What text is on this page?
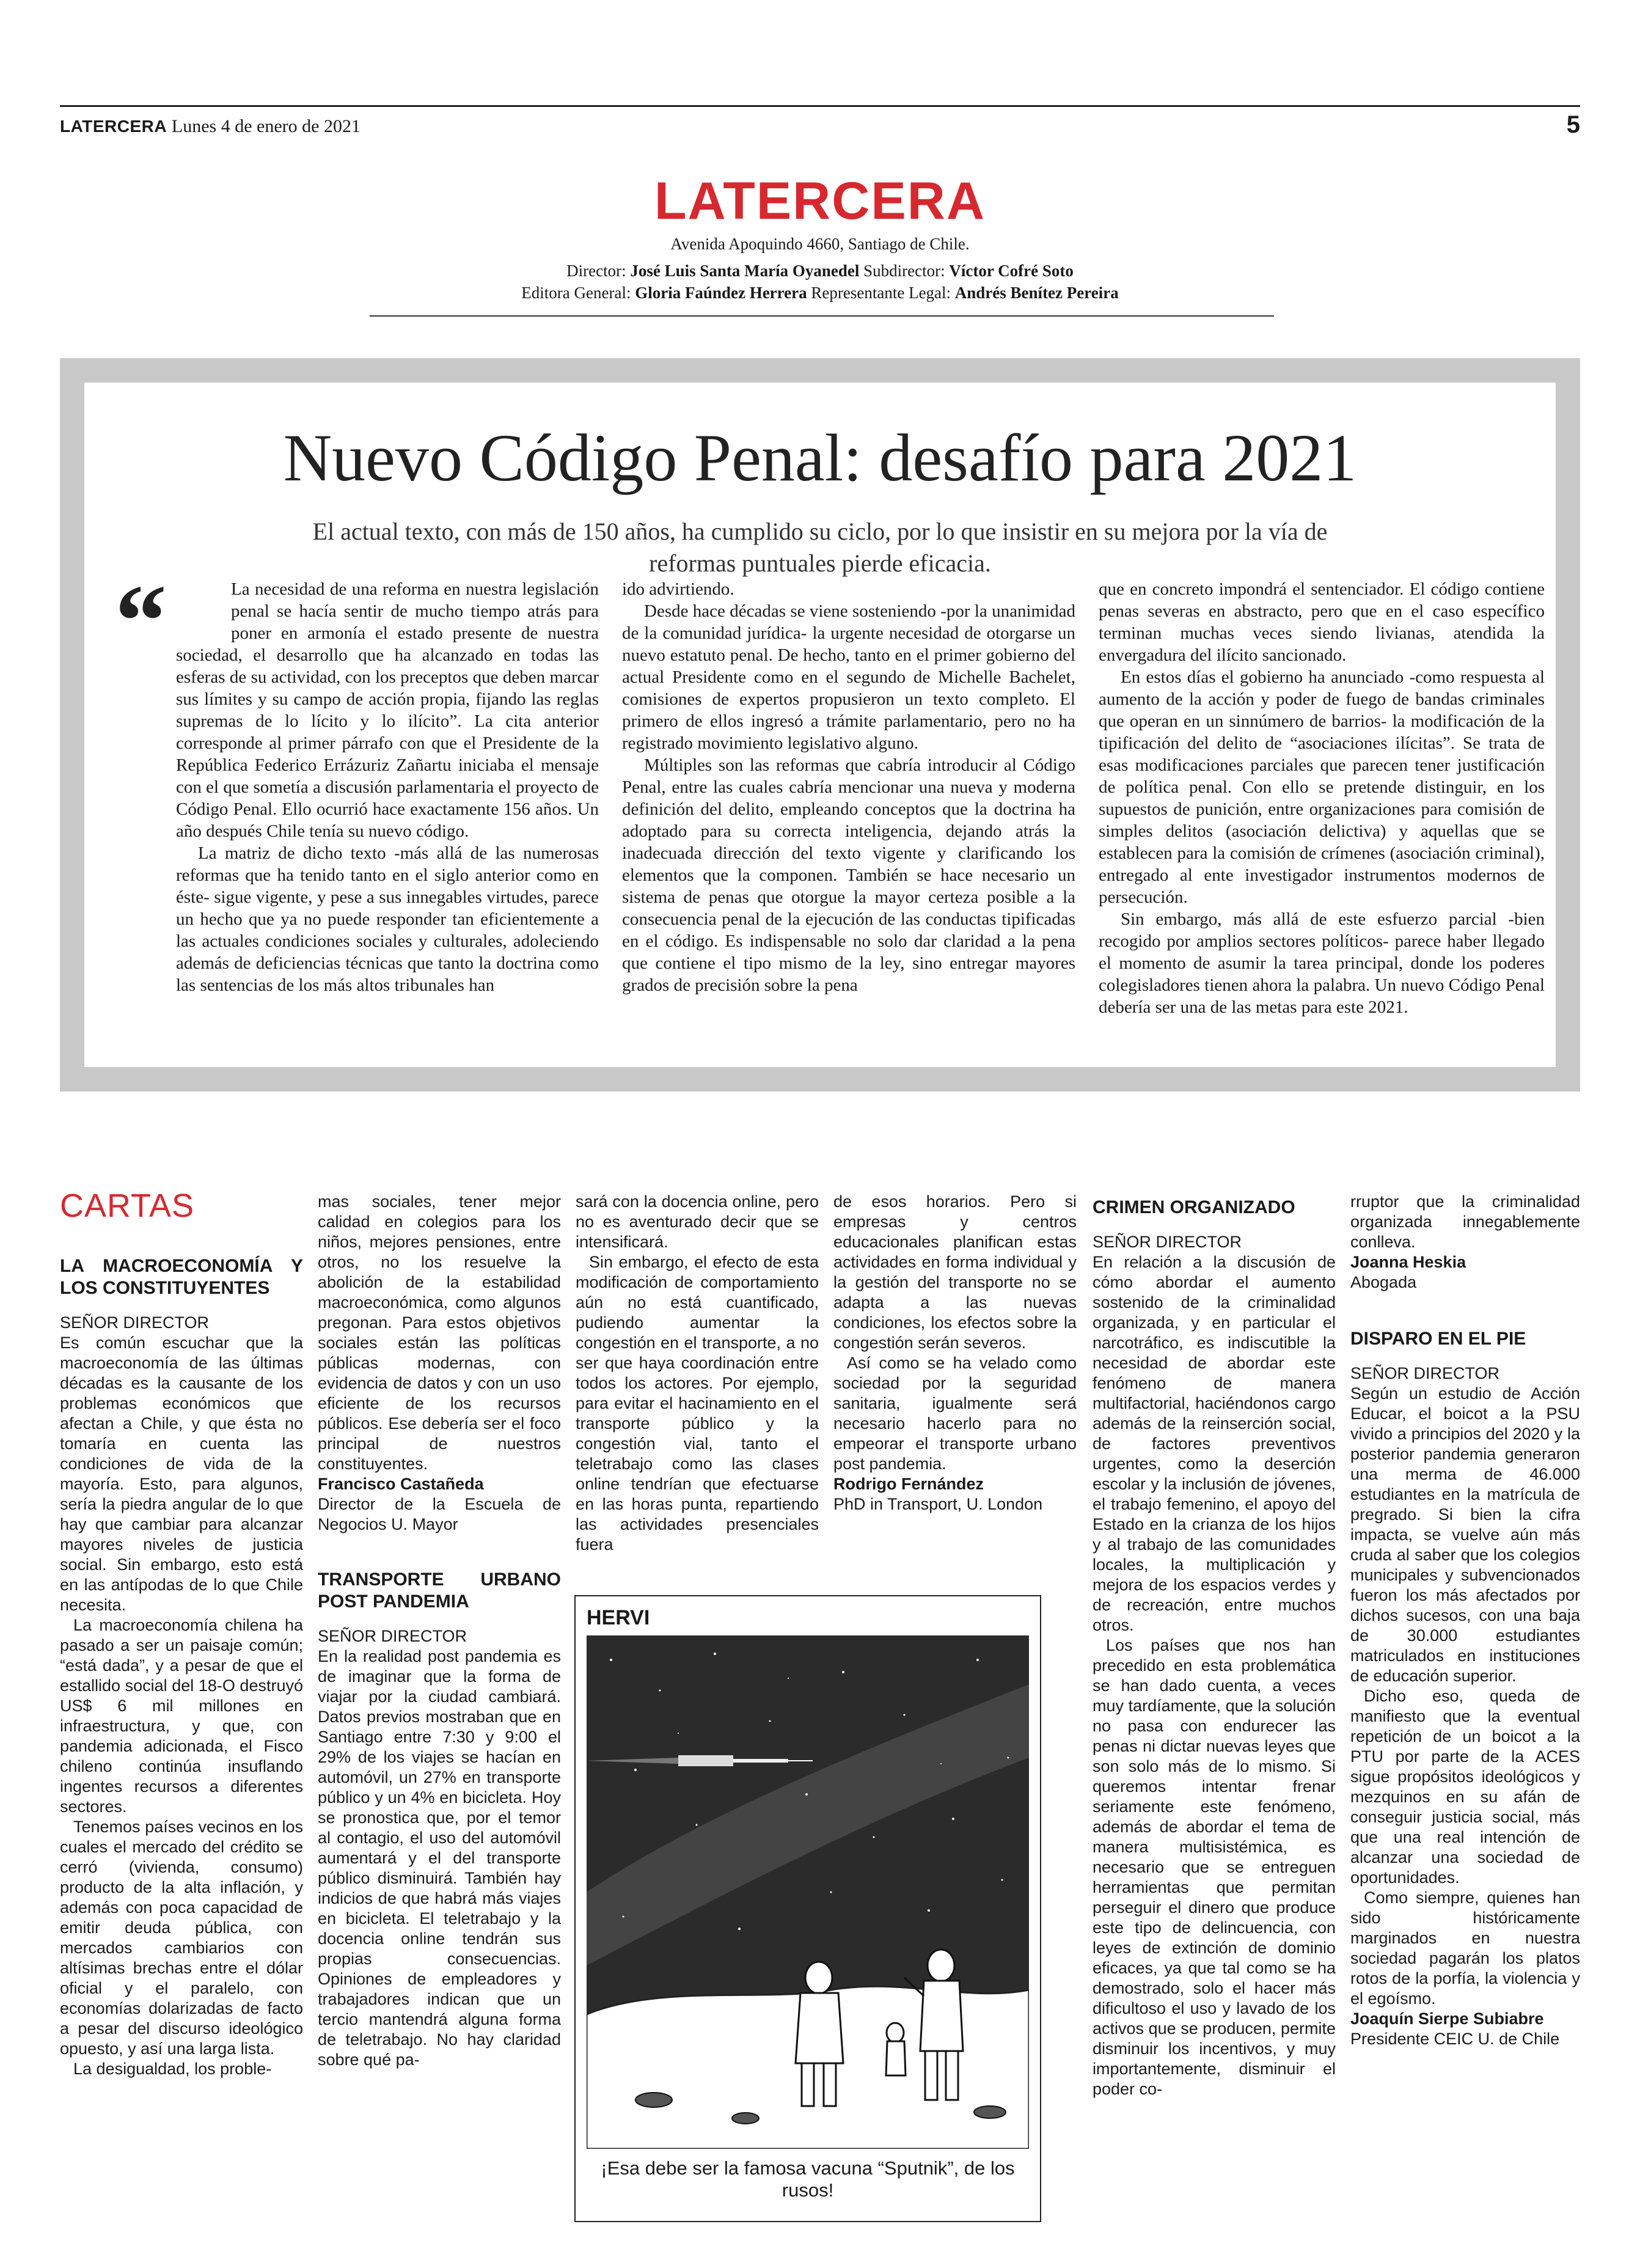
LATERCERA Lunes 4 de enero de 2021	5
LATERCERA
Avenida Apoquindo 4660, Santiago de Chile.
Director: José Luis Santa María Oyanedel Subdirector: Víctor Cofré Soto
Editora General: Gloria Faúndez Herrera Representante Legal: Andrés Benítez Pereira
Nuevo Código Penal: desafío para 2021
El actual texto, con más de 150 años, ha cumplido su ciclo, por lo que insistir en su mejora por la vía de reformas puntuales pierde eficacia.
“	La necesidad de una reforma en nuestra legislación penal se hacía sentir de mucho tiempo atrás para poner en armonía el estado presente de nuestra sociedad, el desarrollo que ha alcanzado en todas las esferas de su actividad, con los preceptos que deben marcar sus límites y su campo de acción propia, fijando las reglas supremas de lo lícito y lo ilícito”. La cita anterior corresponde al primer párrafo con que el Presidente de la República Federico Errázuriz Zañartu iniciaba el mensaje con el que sometía a discusión parlamentaria el proyecto de Código Penal. Ello ocurrió hace exactamente 156 años. Un año después Chile tenía su nuevo código.

La matriz de dicho texto -más allá de las numerosas reformas que ha tenido tanto en el siglo anterior como en éste- sigue vigente, y pese a sus innegables virtudes, parece un hecho que ya no puede responder tan eficientemente a las actuales condiciones sociales y culturales, adoleciendo además de deficiencias técnicas que tanto la doctrina como las sentencias de los más altos tribunales han

ido advirtiendo.

Desde hace décadas se viene sosteniendo -por la unanimidad de la comunidad jurídica- la urgente necesidad de otorgarse un nuevo estatuto penal. De hecho, tanto en el primer gobierno del actual Presidente como en el segundo de Michelle Bachelet, comisiones de expertos propusieron un texto completo. El primero de ellos ingresó a trámite parlamentario, pero no ha registrado movimiento legislativo alguno.

Múltiples son las reformas que cabría introducir al Código Penal, entre las cuales cabría mencionar una nueva y moderna definición del delito, empleando conceptos que la doctrina ha adoptado para su correcta inteligencia, dejando atrás la inadecuada dirección del texto vigente y clarificando los elementos que la componen. También se hace necesario un sistema de penas que otorgue la mayor certeza posible a la consecuencia penal de la ejecución de las conductas tipificadas en el código. Es indispensable no solo dar claridad a la pena que contiene el tipo mismo de la ley, sino entregar mayores grados de precisión sobre la pena

que en concreto impondrá el sentenciador. El código contiene penas severas en abstracto, pero que en el caso específico terminan muchas veces siendo livianas, atendida la envergadura del ilícito sancionado.

En estos días el gobierno ha anunciado -como respuesta al aumento de la acción y poder de fuego de bandas criminales que operan en un sinnúmero de barrios- la modificación de la tipificación del delito de “asociaciones ilícitas”. Se trata de esas modificaciones parciales que parecen tener justificación de política penal. Con ello se pretende distinguir, en los supuestos de punición, entre organizaciones para comisión de simples delitos (asociación delictiva) y aquellas que se establecen para la comisión de crímenes (asociación criminal), entregado al ente investigador instrumentos modernos de persecución.

Sin embargo, más allá de este esfuerzo parcial -bien recogido por amplios sectores políticos- parece haber llegado el momento de asumir la tarea principal, donde los poderes colegisladores tienen ahora la palabra. Un nuevo Código Penal debería ser una de las metas para este 2021.

CARTAS
LA MACROECONOMÍA Y LOS CONSTITUYENTES

SEÑOR DIRECTOR

Es común escuchar que la macroeconomía de las últimas décadas es la causante de los problemas económicos que afectan a Chile, y que ésta no tomaría en cuenta las condiciones de vida de la mayoría. Esto, para algunos, sería la piedra angular de lo que hay que cambiar para alcanzar mayores niveles de justicia social. Sin embargo, esto está en las antípodas de lo que Chile necesita.

La macroeconomía chilena ha pasado a ser un paisaje común; “está dada”, y a pesar de que el estallido social del 18-O destruyó US$ 6 mil millones en infraestructura, y que, con pandemia adicionada, el Fisco chileno continúa insuflando ingentes recursos a diferentes sectores.

Tenemos países vecinos en los cuales el mercado del crédito se cerró (vivienda, consumo) producto de la alta inflación, y además con poca capacidad de emitir deuda pública, con mercados cambiarios con altísimas brechas entre el dólar oficial y el paralelo, con economías dolarizadas de facto a pesar del discurso ideológico opuesto, y así una larga lista.

La desigualdad, los proble-

mas sociales, tener mejor calidad en colegios para los niños, mejores pensiones, entre otros, no los resuelve la abolición de la estabilidad macroeconómica, como algunos pregonan. Para estos objetivos sociales están las políticas públicas modernas, con evidencia de datos y con un uso eficiente de los recursos públicos. Ese debería ser el foco principal de nuestros constituyentes.

Francisco Castañeda

Director de la Escuela de Negocios U. Mayor

TRANSPORTE URBANO POST PANDEMIA

SEÑOR DIRECTOR

En la realidad post pandemia es de imaginar que la forma de viajar por la ciudad cambiará. Datos previos mostraban que en Santiago entre 7:30 y 9:00 el 29% de los viajes se hacían en automóvil, un 27% en transporte público y un 4% en bicicleta. Hoy se pronostica que, por el temor al contagio, el uso del automóvil aumentará y el del transporte público disminuirá. También hay indicios de que habrá más viajes en bicicleta. El teletrabajo y la docencia online tendrán sus propias consecuencias. Opiniones de empleadores y trabajadores indican que un tercio mantendrá alguna forma de teletrabajo. No hay claridad sobre qué pa-

sará con la docencia online, pero no es aventurado decir que se intensificará.

Sin embargo, el efecto de esta modificación de comportamiento aún no está cuantificado, pudiendo aumentar la congestión en el transporte, a no ser que haya coordinación entre todos los actores. Por ejemplo, para evitar el hacinamiento en el transporte público y la congestión vial, tanto el teletrabajo como las clases online tendrían que efectuarse en las horas punta, repartiendo las actividades presenciales fuera

de esos horarios. Pero si empresas y centros educacionales planifican estas actividades en forma individual y la gestión del transporte no se adapta a las nuevas condiciones, los efectos sobre la congestión serán severos.

Así como se ha velado como sociedad por la seguridad sanitaria, igualmente será necesario hacerlo para no empeorar el transporte urbano post pandemia.

Rodrigo Fernández

PhD in Transport, U. London

CRIMEN ORGANIZADO

SEÑOR DIRECTOR

En relación a la discusión de cómo abordar el aumento sostenido de la criminalidad organizada, y en particular el narcotráfico, es indiscutible la necesidad de abordar este fenómeno de manera multifactorial, haciéndonos cargo además de la reinserción social, de factores preventivos urgentes, como la deserción escolar y la inclusión de jóvenes, el trabajo femenino, el apoyo del Estado en la crianza de los hijos y al trabajo de las comunidades locales, la multiplicación y mejora de los espacios verdes y de recreación, entre muchos otros.

Los países que nos han precedido en esta problemática se han dado cuenta, a veces muy tardíamente, que la solución no pasa con endurecer las penas ni dictar nuevas leyes que son solo más de lo mismo. Si queremos intentar frenar seriamente este fenómeno, además de abordar el tema de manera multisistémica, es necesario que se entreguen herramientas que permitan perseguir el dinero que produce este tipo de delincuencia, con leyes de extinción de dominio eficaces, ya que tal como se ha demostrado, solo el hacer más dificultoso el uso y lavado de los activos que se producen, permite disminuir los incentivos, y muy importantemente, disminuir el poder co-

rruptor que la criminalidad organizada innegablemente conlleva.

Joanna Heskia

Abogada

DISPARO EN EL PIE

SEÑOR DIRECTOR

Según un estudio de Acción Educar, el boicot a la PSU vivido a principios del 2020 y la posterior pandemia generaron una merma de 46.000 estudiantes en la matrícula de pregrado. Si bien la cifra impacta, se vuelve aún más cruda al saber que los colegios municipales y subvencionados fueron los más afectados por dichos sucesos, con una baja de 30.000 estudiantes matriculados en instituciones de educación superior.

Dicho eso, queda de manifiesto que la eventual repetición de un boicot a la PTU por parte de la ACES sigue propósitos ideológicos y mezquinos en su afán de conseguir justicia social, más que una real intención de alcanzar una sociedad de oportunidades.

Como siempre, quienes han sido históricamente marginados en nuestra sociedad pagarán los platos rotos de la porfía, la violencia y el egoísmo.

Joaquín Sierpe Subiabre

Presidente CEIC U. de Chile

HERVI
¡Esa debe ser la famosa vacuna “Sputnik”, de los rusos!
